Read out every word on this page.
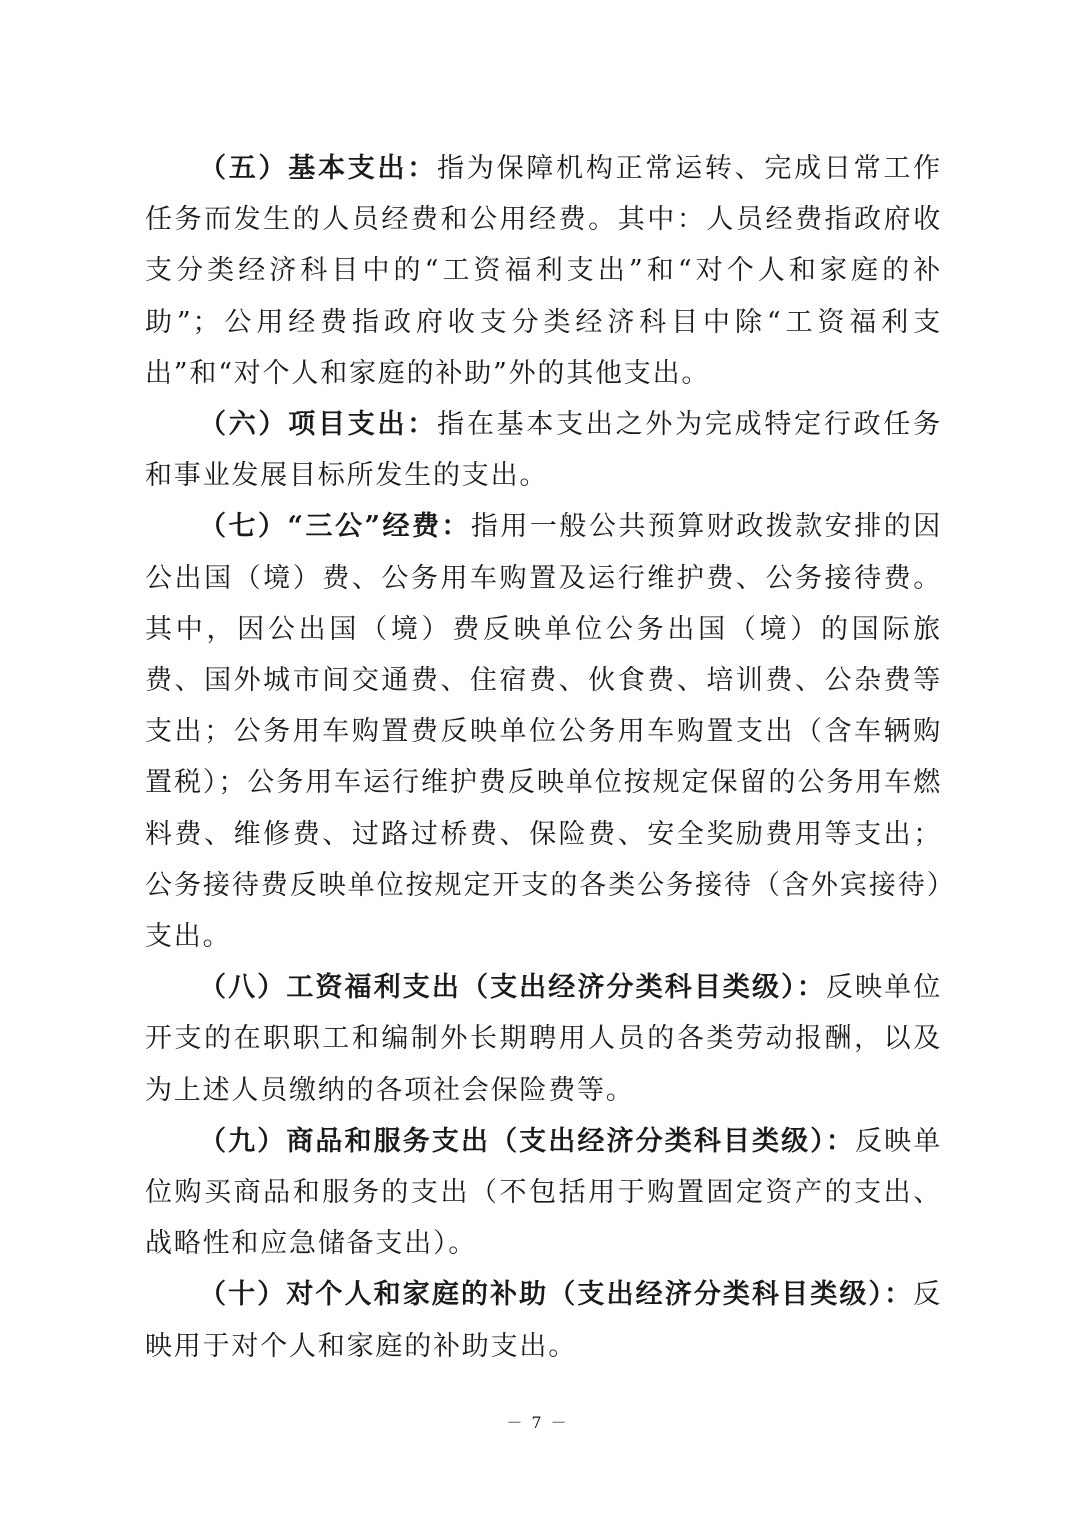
（五）基本支出：指为保障机构正常运转、完成日常工作任务而发生的人员经费和公用经费。其中：人员经费指政府收支分类经济科目中的“工资福利支出”和“对个人和家庭的补助”；公用经费指政府收支分类经济科目中除“工资福利支出”和“对个人和家庭的补助”外的其他支出。

（六）项目支出：指在基本支出之外为完成特定行政任务和事业发展目标所发生的支出。

（七）“三公”经费：指用一般公共预算财政拨款安排的因公出国（境）费、公务用车购置及运行维护费、公务接待费。其中，因公出国（境）费反映单位公务出国（境）的国际旅费、国外城市间交通费、住宿费、伙食费、培训费、公杂费等支出；公务用车购置费反映单位公务用车购置支出（含车辆购置税）；公务用车运行维护费反映单位按规定保留的公务用车燃料费、维修费、过路过桥费、保险费、安全奖励费用等支出；公务接待费反映单位按规定开支的各类公务接待（含外宾接待）支出。

（八）工资福利支出（支出经济分类科目类级）：反映单位开支的在职职工和编制外长期聘用人员的各类劳动报酬，以及为上述人员缴纳的各项社会保险费等。

（九）商品和服务支出（支出经济分类科目类级）：反映单位购买商品和服务的支出（不包括用于购置固定资产的支出、战略性和应急储备支出）。

（十）对个人和家庭的补助（支出经济分类科目类级）：反映用于对个人和家庭的补助支出。

－ 7 －
